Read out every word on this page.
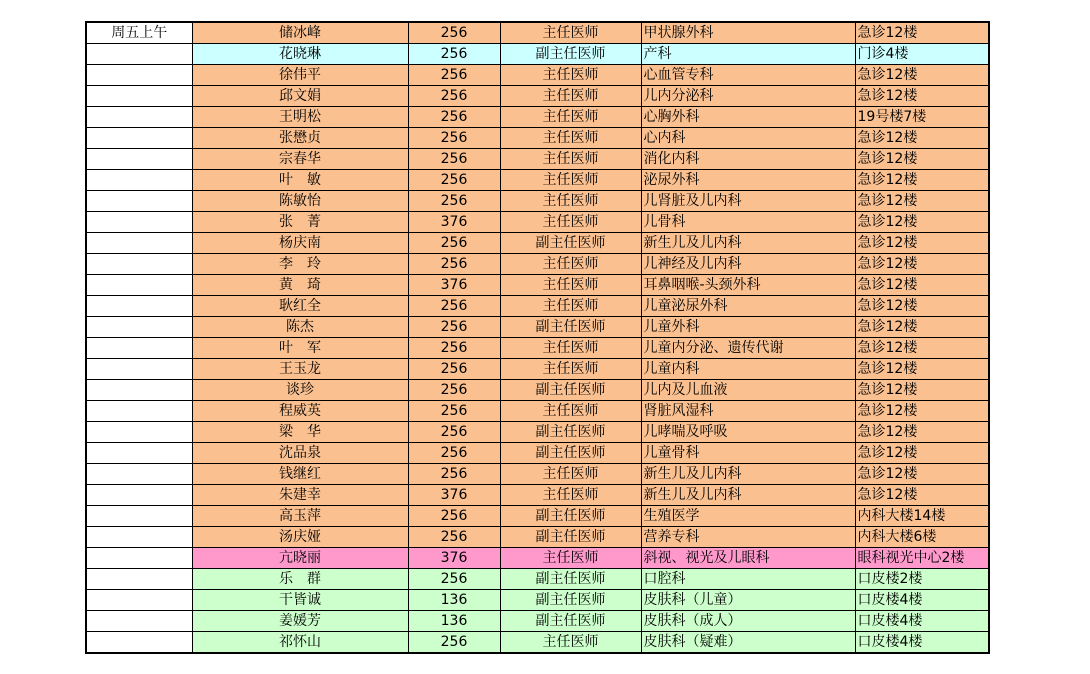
周五上午	储冰峰	256	主任医师	甲状腺外科	急诊12楼
	花晓琳	256	副主任医师	产科	门诊4楼
	徐伟平	256	主任医师	心血管专科	急诊12楼
	邱文娟	256	主任医师	儿内分泌科	急诊12楼
	王明松	256	主任医师	心胸外科	19号楼7楼
	张懋贞	256	主任医师	心内科	急诊12楼
	宗春华	256	主任医师	消化内科	急诊12楼
	叶　敏	256	主任医师	泌尿外科	急诊12楼
	陈敏怡	256	主任医师	儿肾脏及儿内科	急诊12楼
	张　菁	376	主任医师	儿骨科	急诊12楼
	杨庆南	256	副主任医师	新生儿及儿内科	急诊12楼
	李　玲	256	主任医师	儿神经及儿内科	急诊12楼
	黄　琦	376	主任医师	耳鼻咽喉-头颈外科	急诊12楼
	耿红全	256	主任医师	儿童泌尿外科	急诊12楼
	陈杰	256	副主任医师	儿童外科	急诊12楼
	叶　军	256	主任医师	儿童内分泌、遗传代谢	急诊12楼
	王玉龙	256	主任医师	儿童内科	急诊12楼
	谈珍	256	副主任医师	儿内及儿血液	急诊12楼
	程威英	256	主任医师	肾脏风湿科	急诊12楼
	梁　华	256	副主任医师	儿哮喘及呼吸	急诊12楼
	沈品泉	256	副主任医师	儿童骨科	急诊12楼
	钱继红	256	主任医师	新生儿及儿内科	急诊12楼
	朱建幸	376	主任医师	新生儿及儿内科	急诊12楼
	高玉萍	256	副主任医师	生殖医学	内科大楼14楼
	汤庆娅	256	副主任医师	营养专科	内科大楼6楼
	亢晓丽	376	主任医师	斜视、视光及儿眼科	眼科视光中心2楼
	乐　群	256	副主任医师	口腔科	口皮楼2楼
	干皆诚	136	副主任医师	皮肤科（儿童）	口皮楼4楼
	姜媛芳	136	副主任医师	皮肤科（成人）	口皮楼4楼
	祁怀山	256	主任医师	皮肤科（疑难）	口皮楼4楼
